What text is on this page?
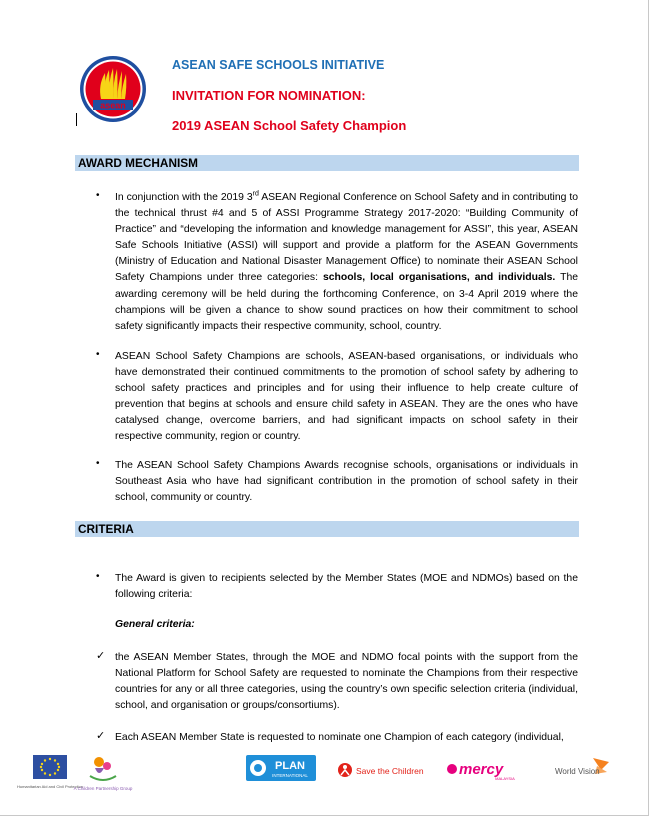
asean
ASEAN SAFE SCHOOLS INITIATIVE
INVITATION FOR NOMINATION:
2019 ASEAN School Safety Champion
AWARD MECHANISM
• In conjunction with the 2019 3rd ASEAN Regional Conference on School Safety and in contributing to the technical thrust #4 and 5 of ASSI Programme Strategy 2017-2020: “Building Community of Practice” and “developing the information and knowledge management for ASSI”, this year, ASEAN Safe Schools Initiative (ASSI) will support and provide a platform for the ASEAN Governments (Ministry of Education and National Disaster Management Office) to nominate their ASEAN School Safety Champions under three categories: schools, local organisations, and individuals. The awarding ceremony will be held during the forthcoming Conference, on 3-4 April 2019 where the champions will be given a chance to show sound practices on how their commitment to school safety significantly impacts their respective community, school, country.
• ASEAN School Safety Champions are schools, ASEAN-based organisations, or individuals who have demonstrated their continued commitments to the promotion of school safety by adhering to school safety practices and principles and for using their influence to help create culture of prevention that begins at schools and ensure child safety in ASEAN. They are the ones who have catalysed change, overcome barriers, and had significant impacts on school safety in their respective community, region or country.
• The ASEAN School Safety Champions Awards recognise schools, organisations or individuals in Southeast Asia who have had significant contribution in the promotion of school safety in their school, community or country.
CRITERIA
• The Award is given to recipients selected by the Member States (MOE and NDMOs) based on the following criteria:
General criteria:
✓ the ASEAN Member States, through the MOE and NDMO focal points with the support from the National Platform for School Safety are requested to nominate the Champions from their respective countries for any or all three categories, using the country’s own specific selection criteria (individual, school, and organisation or groups/consortiums).
✓ Each ASEAN Member State is requested to nominate one Champion of each category (individual,
Humanitarian Aid and Civil Protection
A Children Partnership Group
PLAN
INTERNATIONAL	Save the Children mercy
MALAYSIA
World Vision
